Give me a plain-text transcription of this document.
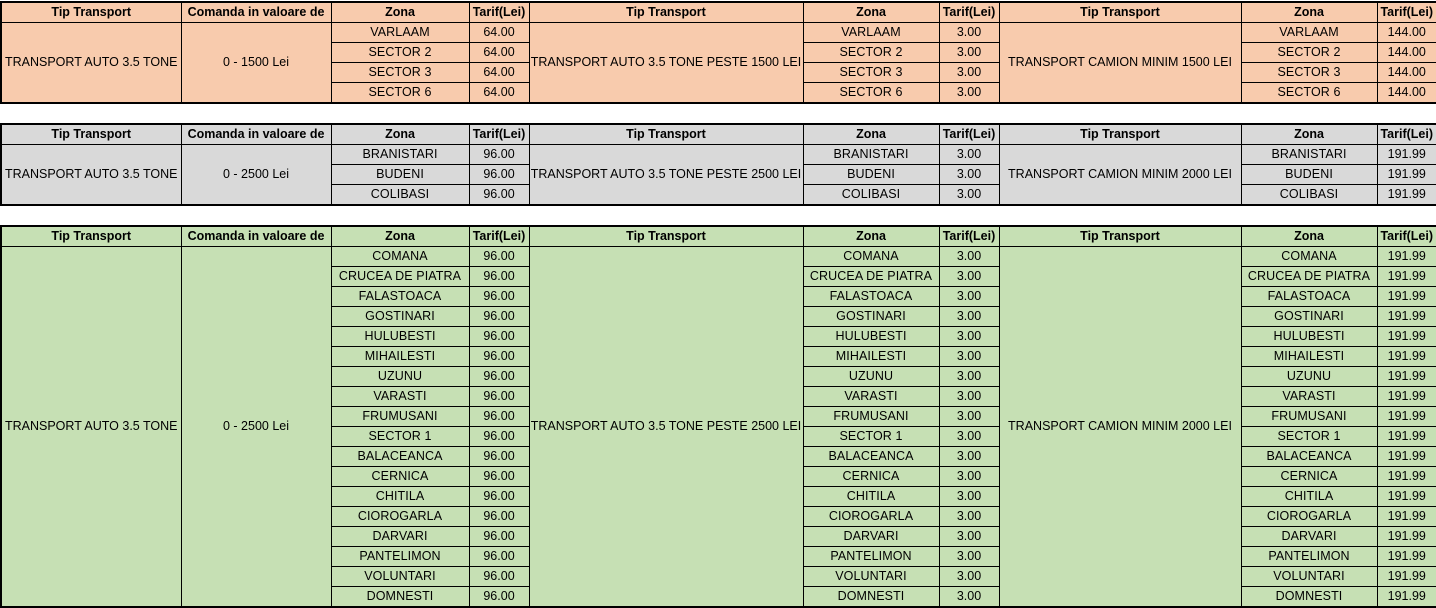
Tip Transport	Comanda in valoare de	Zona	Tarif(Lei)	Tip Transport	Zona	Tarif(Lei)	Tip Transport	Zona	Tarif(Lei)
TRANSPORT AUTO 3.5 TONE	0 - 1500 Lei	VARLAAM	64.00	TRANSPORT AUTO 3.5 TONE PESTE 1500 LEI	VARLAAM	3.00	TRANSPORT CAMION MINIM 1500 LEI	VARLAAM	144.00
		SECTOR 2	64.00		SECTOR 2	3.00		SECTOR 2	144.00
		SECTOR 3	64.00		SECTOR 3	3.00		SECTOR 3	144.00
		SECTOR 6	64.00		SECTOR 6	3.00		SECTOR 6	144.00
Tip Transport	Comanda in valoare de	Zona	Tarif(Lei)	Tip Transport	Zona	Tarif(Lei)	Tip Transport	Zona	Tarif(Lei)
TRANSPORT AUTO 3.5 TONE	0 - 2500 Lei	BRANISTARI	96.00	TRANSPORT AUTO 3.5 TONE PESTE 2500 LEI	BRANISTARI	3.00	TRANSPORT CAMION MINIM 2000 LEI	BRANISTARI	191.99
		BUDENI	96.00		BUDENI	3.00		BUDENI	191.99
		COLIBASI	96.00		COLIBASI	3.00		COLIBASI	191.99
Tip Transport	Comanda in valoare de	Zona	Tarif(Lei)	Tip Transport	Zona	Tarif(Lei)	Tip Transport	Zona	Tarif(Lei)
TRANSPORT AUTO 3.5 TONE	0 - 2500 Lei	COMANA	96.00	TRANSPORT AUTO 3.5 TONE PESTE 2500 LEI	COMANA	3.00	TRANSPORT CAMION MINIM 2000 LEI	COMANA	191.99
		CRUCEA DE PIATRA	96.00		CRUCEA DE PIATRA	3.00		CRUCEA DE PIATRA	191.99
		FALASTOACA	96.00		FALASTOACA	3.00		FALASTOACA	191.99
		GOSTINARI	96.00		GOSTINARI	3.00		GOSTINARI	191.99
		HULUBESTI	96.00		HULUBESTI	3.00		HULUBESTI	191.99
		MIHAILESTI	96.00		MIHAILESTI	3.00		MIHAILESTI	191.99
		UZUNU	96.00		UZUNU	3.00		UZUNU	191.99
		VARASTI	96.00		VARASTI	3.00		VARASTI	191.99
		FRUMUSANI	96.00		FRUMUSANI	3.00		FRUMUSANI	191.99
		SECTOR 1	96.00		SECTOR 1	3.00		SECTOR 1	191.99
		BALACEANCA	96.00		BALACEANCA	3.00		BALACEANCA	191.99
		CERNICA	96.00		CERNICA	3.00		CERNICA	191.99
		CHITILA	96.00		CHITILA	3.00		CHITILA	191.99
		CIOROGARLA	96.00		CIOROGARLA	3.00		CIOROGARLA	191.99
		DARVARI	96.00		DARVARI	3.00		DARVARI	191.99
		PANTELIMON	96.00		PANTELIMON	3.00		PANTELIMON	191.99
		VOLUNTARI	96.00		VOLUNTARI	3.00		VOLUNTARI	191.99
		DOMNESTI	96.00		DOMNESTI	3.00		DOMNESTI	191.99
